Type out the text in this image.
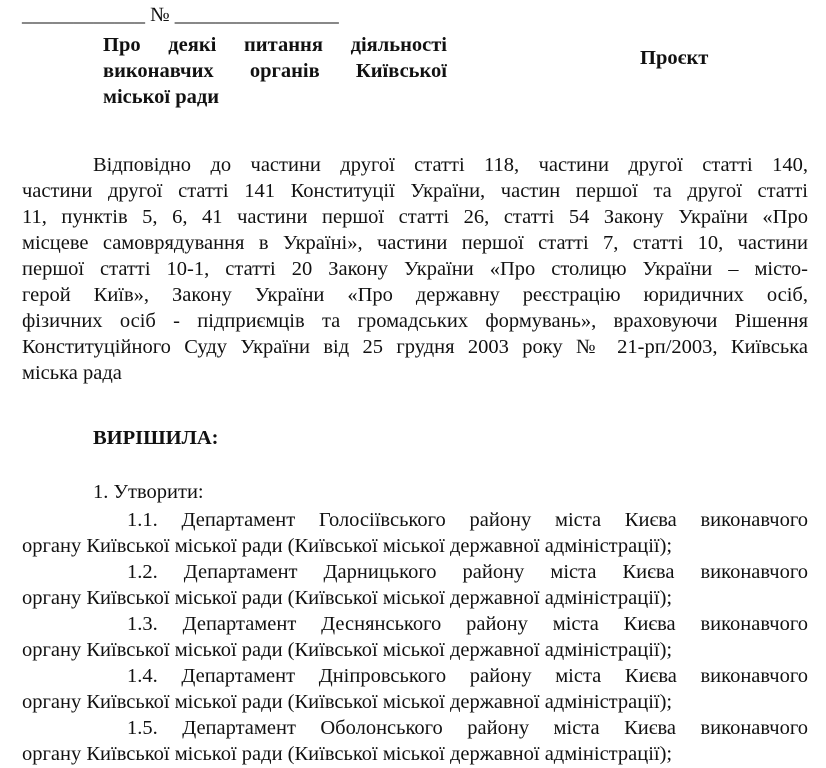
____________ № ________________
Про деякі питання діяльності
виконавчих органів Київської
міської ради
Проєкт
Відповідно до частини другої статті 118, частини другої статті 140,
частини другої статті 141 Конституції України, частин першої та другої статті
11, пунктів 5, 6, 41 частини першої статті 26, статті 54 Закону України «Про
місцеве самоврядування в Україні», частини першої статті 7, статті 10, частини
першої статті 10-1, статті 20 Закону України «Про столицю України – місто-
герой Київ», Закону України «Про державну реєстрацію юридичних осіб,
фізичних осіб - підприємців та громадських формувань», враховуючи Рішення
Конституційного Суду України від 25 грудня 2003 року № 21-рп/2003, Київська
міська рада
ВИРІШИЛА:
1. Утворити:
1.1. Департамент Голосіївського району міста Києва виконавчого
органу Київської міської ради (Київської міської державної адміністрації);
1.2. Департамент Дарницького району міста Києва виконавчого
органу Київської міської ради (Київської міської державної адміністрації);
1.3. Департамент Деснянського району міста Києва виконавчого
органу Київської міської ради (Київської міської державної адміністрації);
1.4. Департамент Дніпровського району міста Києва виконавчого
органу Київської міської ради (Київської міської державної адміністрації);
1.5. Департамент Оболонського району міста Києва виконавчого
органу Київської міської ради (Київської міської державної адміністрації);
